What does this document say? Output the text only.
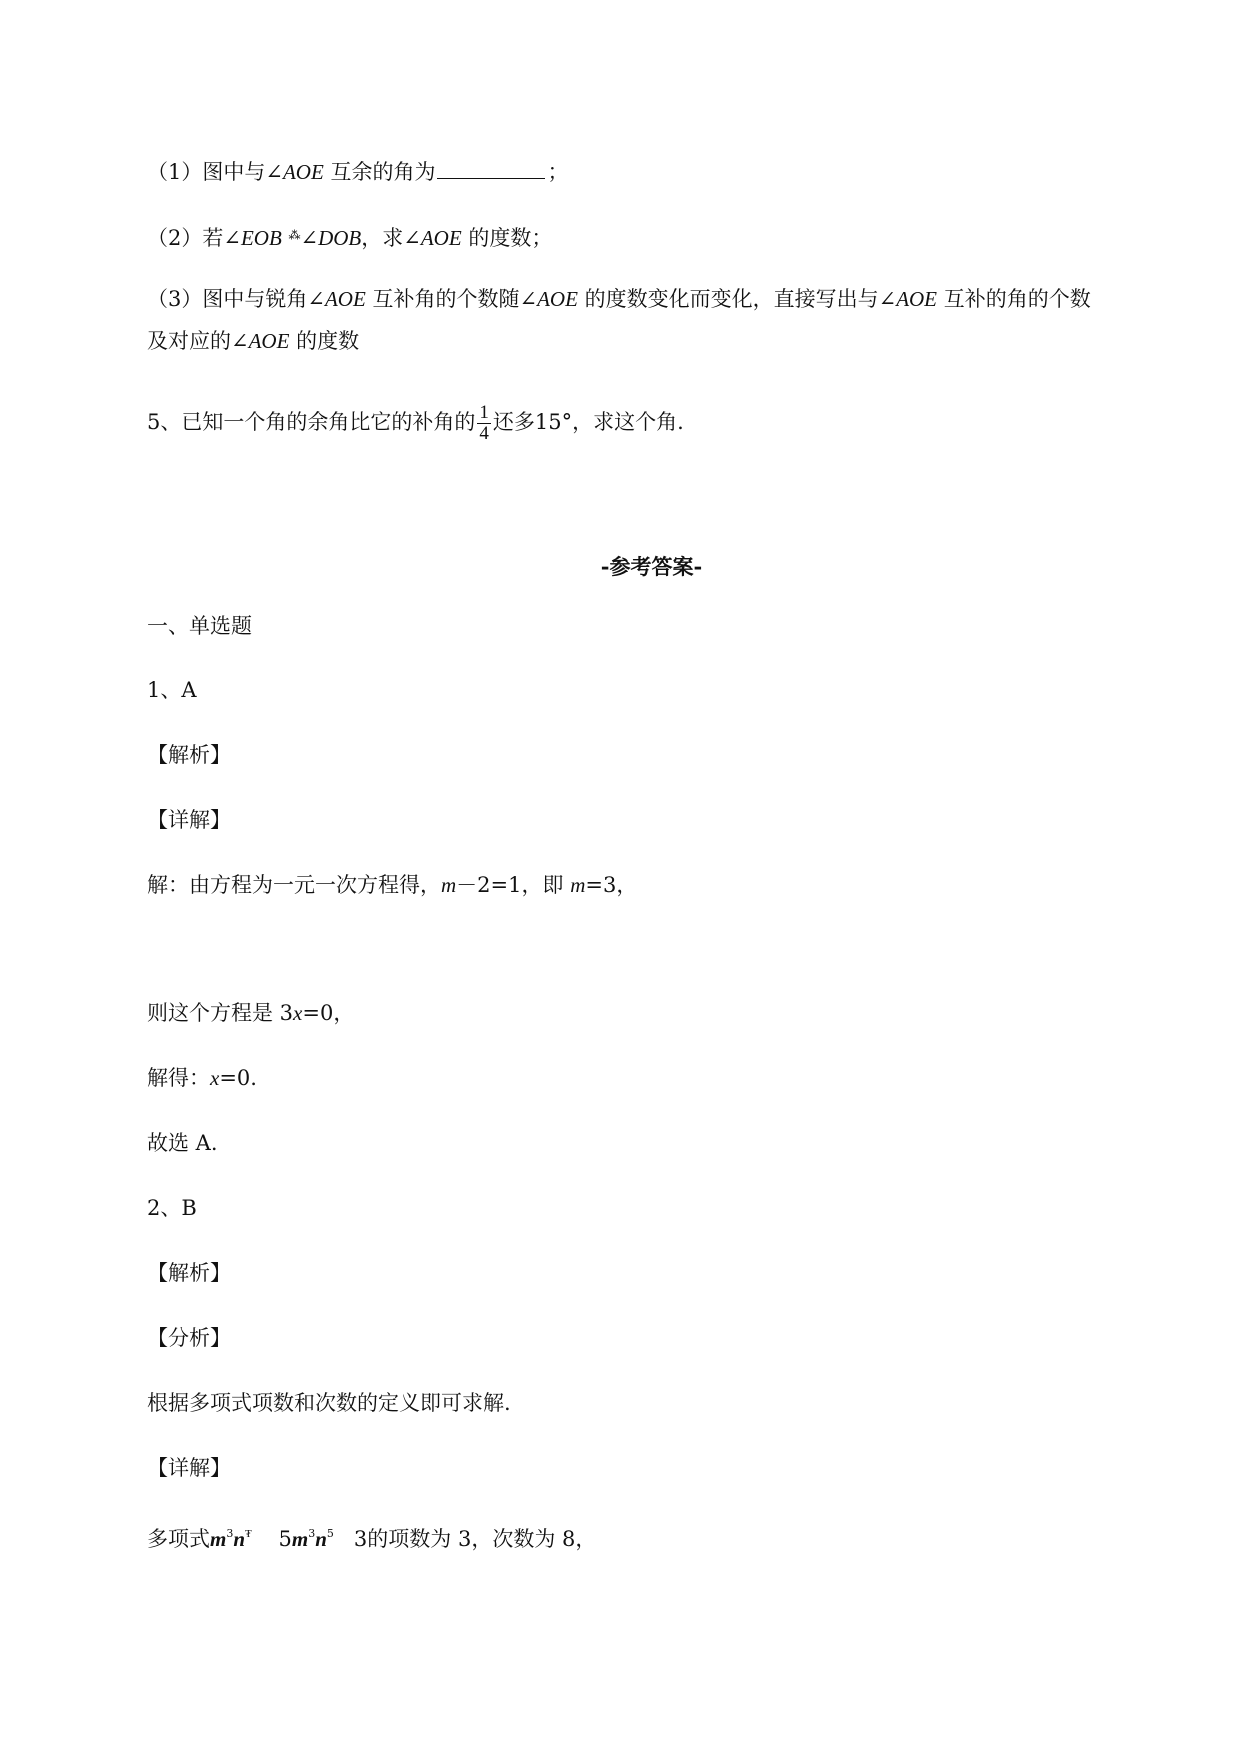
（1）图中与∠AOE 互余的角为	；
（2）若∠EOB ⁂∠DOB，求∠AOE 的度数；
（3）图中与锐角∠AOE 互补角的个数随∠AOE 的度数变化而变化，直接写出与∠AOE 互补的角的个数
及对应的∠AOE 的度数
5、已知一个角的余角比它的补角的 $\frac{1}{4}$ 还多15°，求这个角.
-参考答案-
一、单选题
1、A
【解析】
【详解】
解：由方程为一元一次方程得，m－2=1，即 m=3，
则这个方程是 3x=0，
解得：x=0.
故选 A.
2、B
【解析】
【分析】
根据多项式项数和次数的定义即可求解.
【详解】
多项式$m^3n^₮$ $5m^3n^5$ 3的项数为 3，次数为 8，
